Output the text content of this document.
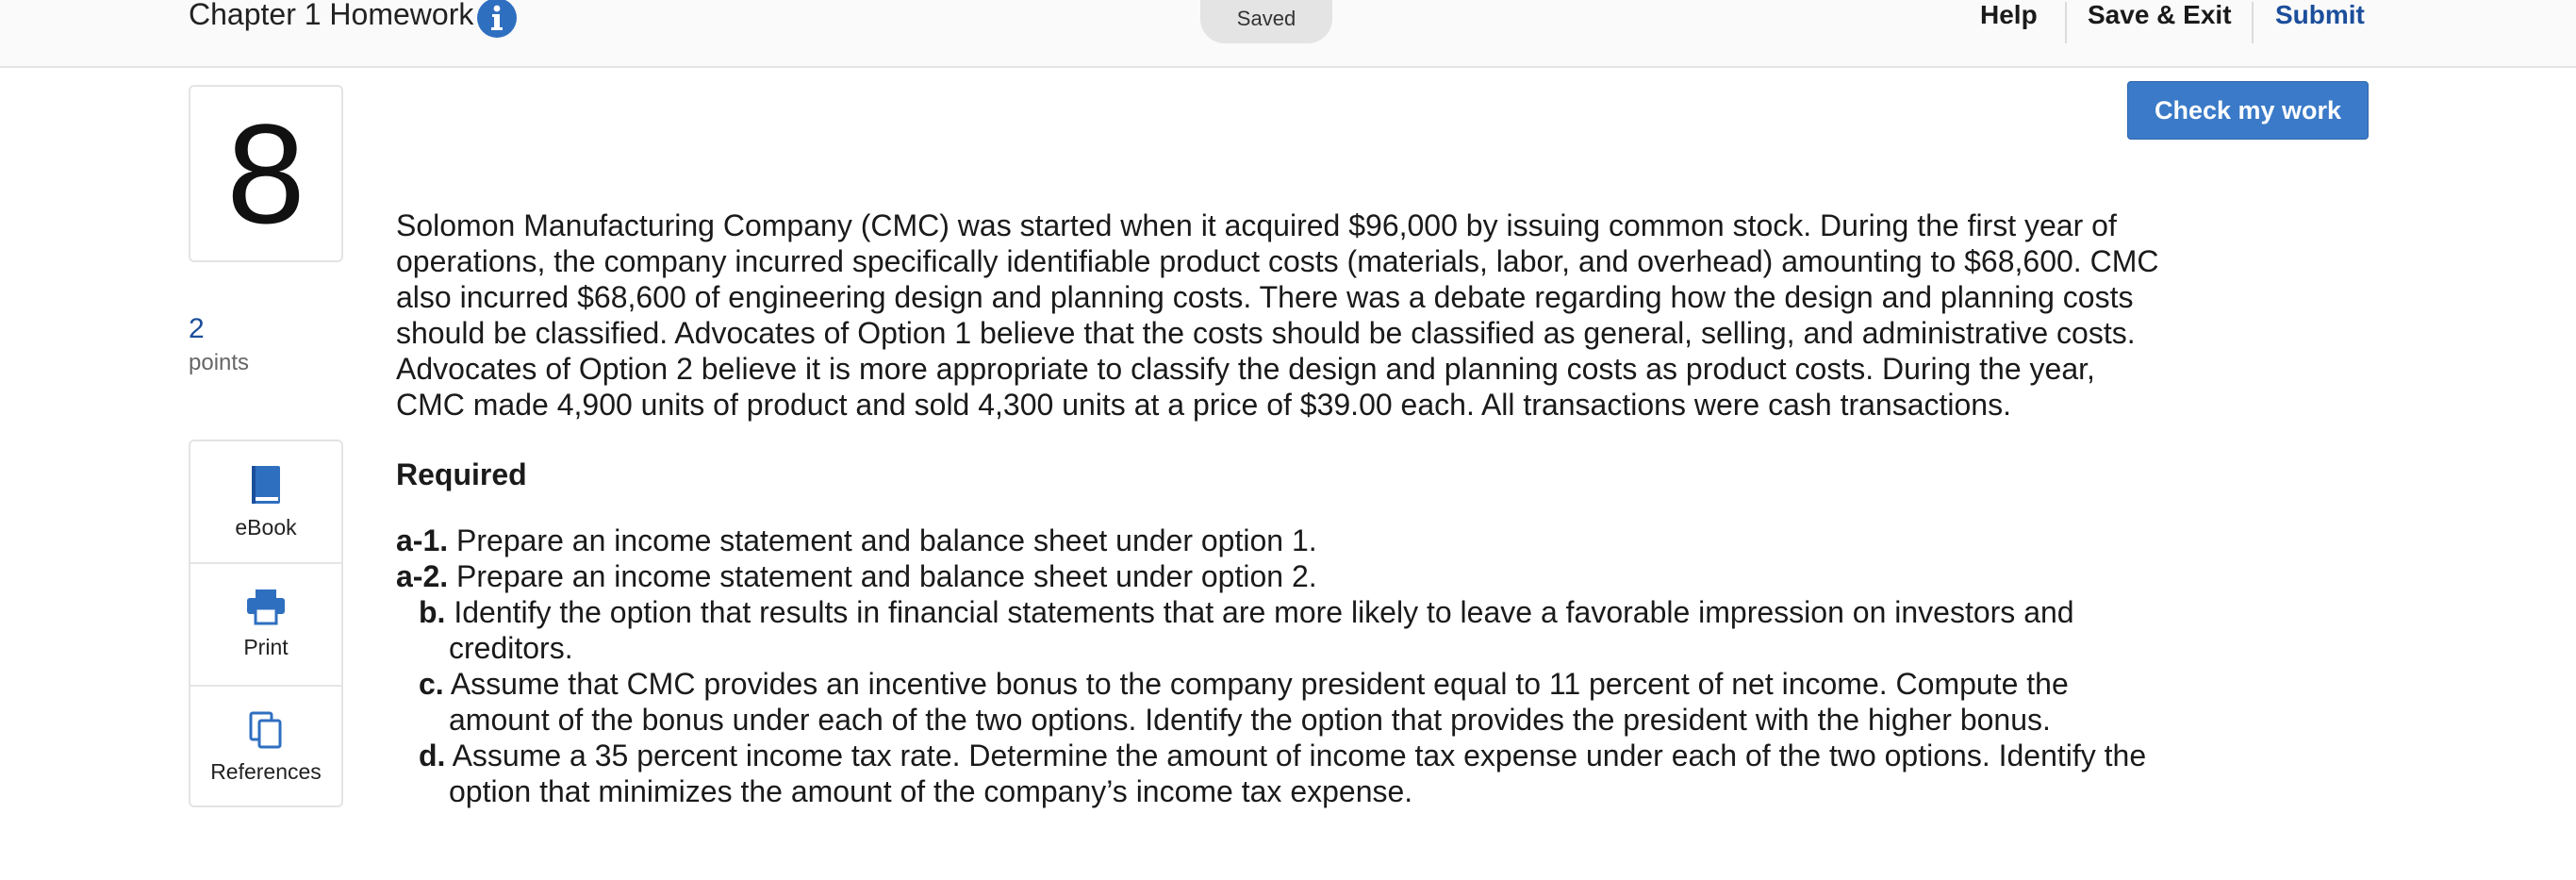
Chapter 1 Homework	Saved	Help Save & Exit Submit
8
2
points
eBook
Print
References
Check my work

Solomon Manufacturing Company (CMC) was started when it acquired $96,000 by issuing common stock. During the first year of operations, the company incurred specifically identifiable product costs (materials, labor, and overhead) amounting to $68,600. CMC also incurred $68,600 of engineering design and planning costs. There was a debate regarding how the design and planning costs should be classified. Advocates of Option 1 believe that the costs should be classified as general, selling, and administrative costs. Advocates of Option 2 believe it is more appropriate to classify the design and planning costs as product costs. During the year, CMC made 4,900 units of product and sold 4,300 units at a price of $39.00 each. All transactions were cash transactions.

Required
a-1. Prepare an income statement and balance sheet under option 1.
a-2. Prepare an income statement and balance sheet under option 2.
b. Identify the option that results in financial statements that are more likely to leave a favorable impression on investors and creditors.
c. Assume that CMC provides an incentive bonus to the company president equal to 11 percent of net income. Compute the amount of the bonus under each of the two options. Identify the option that provides the president with the higher bonus.
d. Assume a 35 percent income tax rate. Determine the amount of income tax expense under each of the two options. Identify the option that minimizes the amount of the company’s income tax expense.
